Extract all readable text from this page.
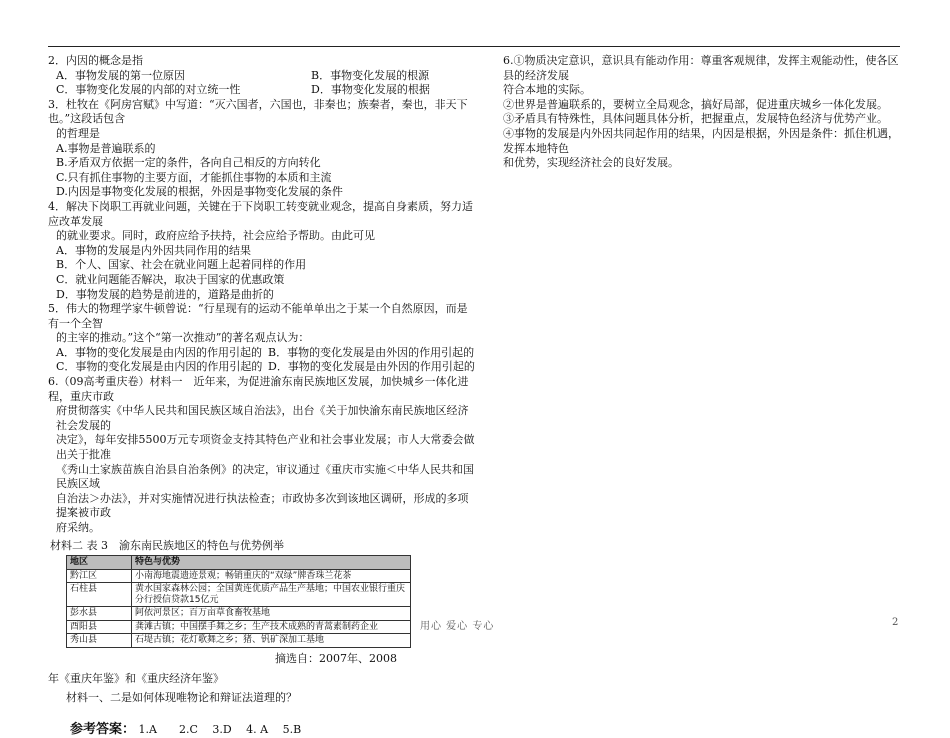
2．内因的概念是指
A．事物发展的第一位原因	B．事物变化发展的根源
C．事物变化发展的内部的对立统一性	D．事物变化发展的根据
3．杜牧在《阿房宫赋》中写道：“灭六国者，六国也，非秦也；族秦者，秦也，非天下也。”这段话包含
的哲理是
A.事物是普遍联系的
B.矛盾双方依据一定的条件，各向自己相反的方向转化
C.只有抓住事物的主要方面，才能抓住事物的本质和主流
D.内因是事物变化发展的根据，外因是事物变化发展的条件
4．解决下岗职工再就业问题，关键在于下岗职工转变就业观念，提高自身素质，努力适应改革发展
的就业要求。同时，政府应给予扶持，社会应给予帮助。由此可见
A．事物的发展是内外因共同作用的结果
B．个人、国家、社会在就业问题上起着同样的作用
C．就业问题能否解决，取决于国家的优惠政策
D．事物发展的趋势是前进的，道路是曲折的
5．伟大的物理学家牛顿曾说：“行星现有的运动不能单单出之于某一个自然原因，而是有一个全智
的主宰的推动。”这个“第一次推动”的著名观点认为：
A．事物的变化发展是由内因的作用引起的 B．事物的变化发展是由外因的作用引起的
C．事物的变化发展是由内因的作用引起的 D．事物的变化发展是由外因的作用引起的
6.（09高考重庆卷）材料一　近年来，为促进渝东南民族地区发展，加快城乡一体化进程，重庆市政
府贯彻落实《中华人民共和国民族区域自治法》，出台《关于加快渝东南民族地区经济社会发展的
决定》，每年安排5500万元专项资金支持其特色产业和社会事业发展；市人大常委会做出关于批准
《秀山土家族苗族自治县自治条例》的决定，审议通过《重庆市实施＜中华人民共和国民族区域
自治法＞办法》，并对实施情况进行执法检查；市政协多次到该地区调研，形成的多项提案被市政
府采纳。
材料二 表 3　渝东南民族地区的特色与优势例举
地区	特色与优势
黔江区	小南海地震遗迹景观；畅销重庆的“双绿”牌香珠兰花茶
石柱县	黄水国家森林公园；全国黄连优质产品生产基地；中国农业银行重庆分行授信贷款15亿元
彭水县	阿依河景区；百万亩草食畜牧基地
酉阳县	龚滩古镇；中国摆手舞之乡；生产技术成熟的青蒿素制药企业
秀山县	石堤古镇；花灯歌舞之乡；猪、钒矿深加工基地
摘选自：2007年、2008
年《重庆年鉴》和《重庆经济年鉴》
材料一、二是如何体现唯物论和辩证法道理的？
参考答案： 1.A　　2.C　 3.D　 4. A　 5.B
6.①物质决定意识，意识具有能动作用：尊重客观规律，发挥主观能动性，使各区县的经济发展
符合本地的实际。
②世界是普遍联系的，要树立全局观念，搞好局部，促进重庆城乡一体化发展。
③矛盾具有特殊性，具体问题具体分析，把握重点，发展特色经济与优势产业。
④事物的发展是内外因共同起作用的结果，内因是根据，外因是条件：抓住机遇，发挥本地特色
和优势，实现经济社会的良好发展。
用心 爱心 专心	2
